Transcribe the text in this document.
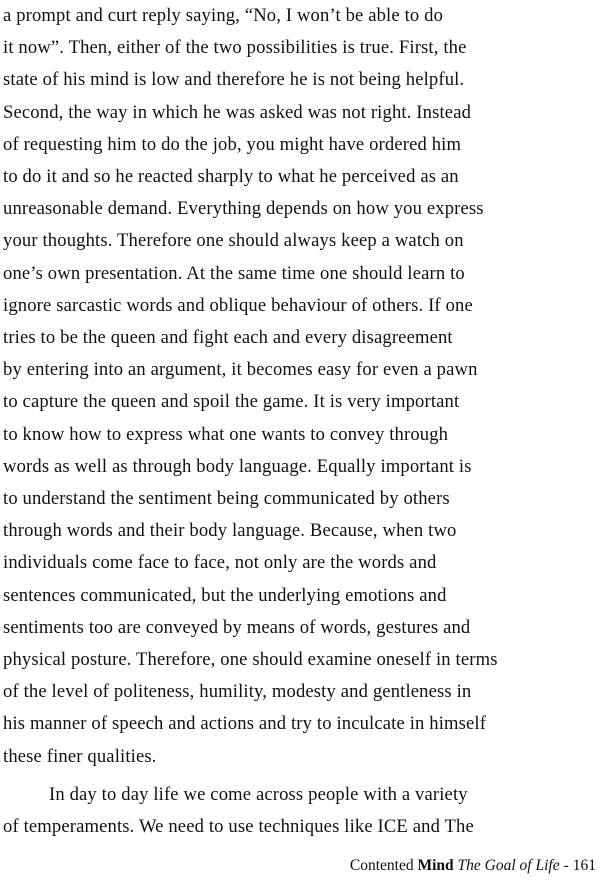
a prompt and curt reply saying, “No, I won’t be able to do
it now”. Then, either of the two possibilities is true. First, the
state of his mind is low and therefore he is not being helpful.
Second, the way in which he was asked was not right. Instead
of requesting him to do the job, you might have ordered him
to do it and so he reacted sharply to what he perceived as an
unreasonable demand. Everything depends on how you express
your thoughts. Therefore one should always keep a watch on
one’s own presentation. At the same time one should learn to
ignore sarcastic words and oblique behaviour of others. If one
tries to be the queen and fight each and every disagreement
by entering into an argument, it becomes easy for even a pawn
to capture the queen and spoil the game. It is very important
to know how to express what one wants to convey through
words as well as through body language. Equally important is
to understand the sentiment being communicated by others
through words and their body language. Because, when two
individuals come face to face, not only are the words and
sentences communicated, but the underlying emotions and
sentiments too are conveyed by means of words, gestures and
physical posture. Therefore, one should examine oneself in terms
of the level of politeness, humility, modesty and gentleness in
his manner of speech and actions and try to inculcate in himself
these finer qualities.

In day to day life we come across people with a variety
of temperaments. We need to use techniques like ICE and The

Contented Mind The Goal of Life - 161
